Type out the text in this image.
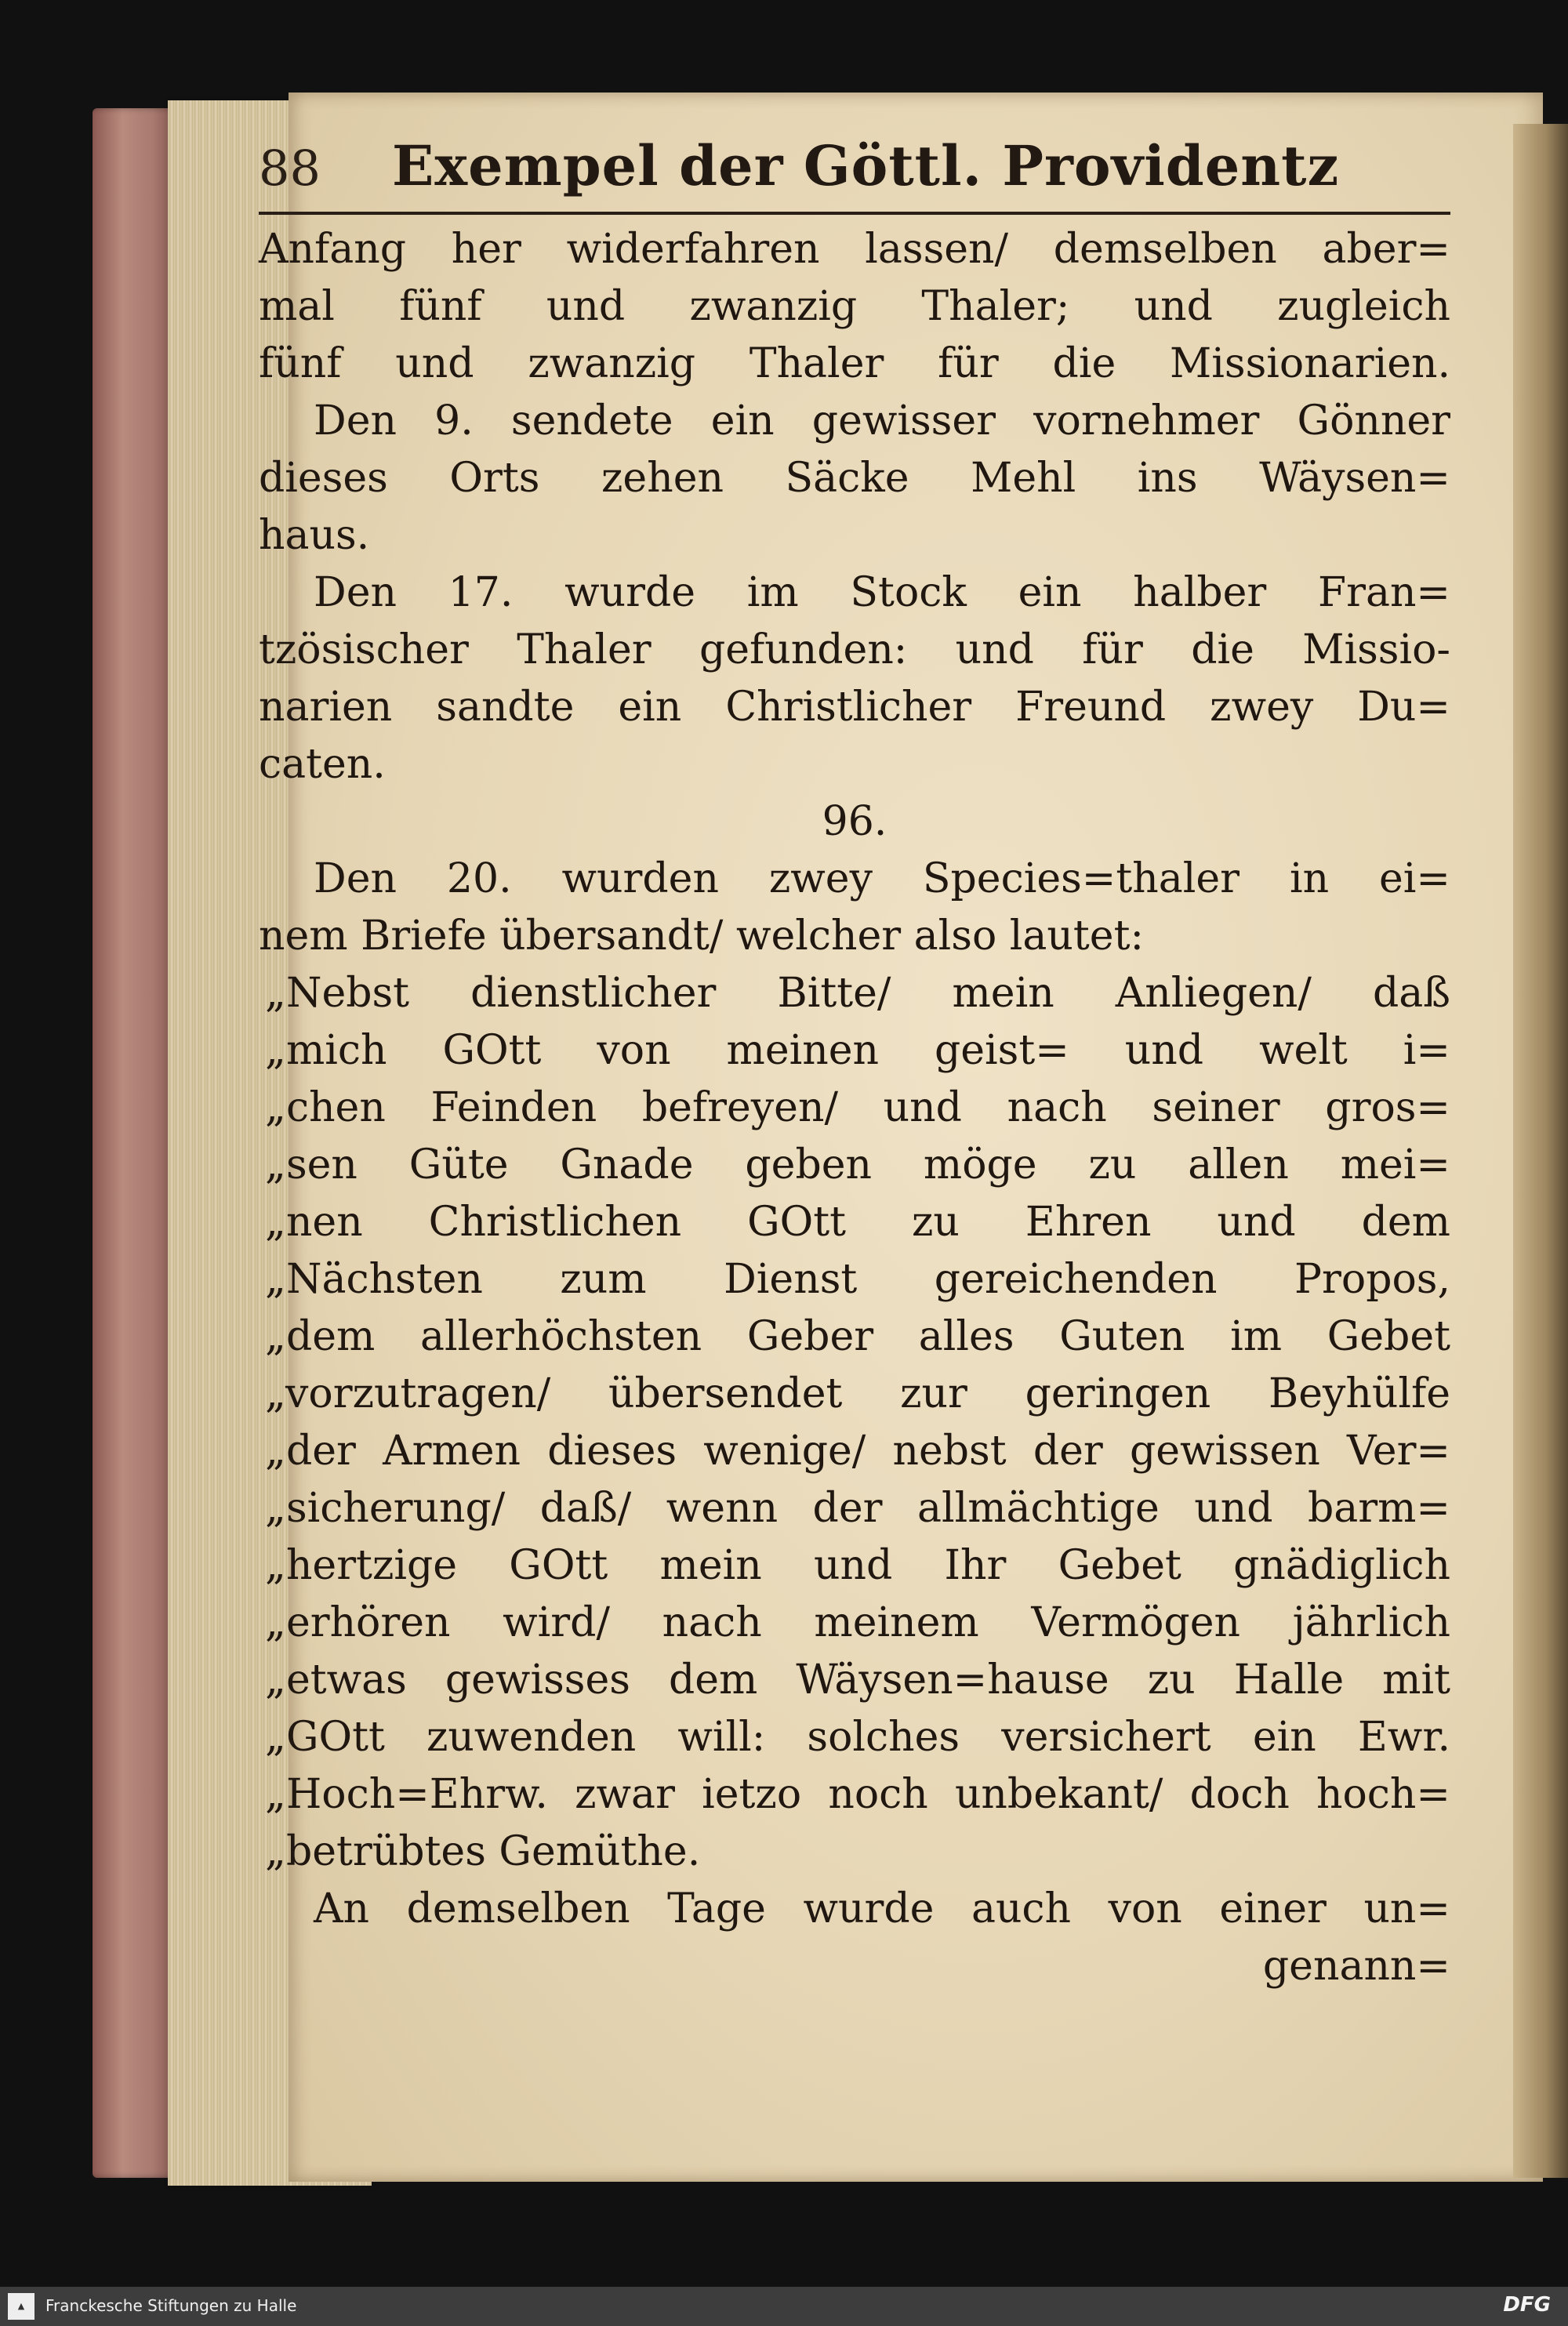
88 Exempel der Göttl. Providentz
Anfang her widerfahren lassen/ demselben aber=
mal fünf und zwanzig Thaler; und zugleich
fünf und zwanzig Thaler für die Missionarien.
Den 9. sendete ein gewisser vornehmer Gönner
dieses Orts zehen Säcke Mehl ins Wäysen=
haus.
Den 17. wurde im Stock ein halber Fran=
tzösischer Thaler gefunden: und für die Missio-
narien sandte ein Christlicher Freund zwey Du=
caten.
96.
Den 20. wurden zwey Species=thaler in ei=
nem Briefe übersandt/ welcher also lautet:
„Nebst dienstlicher Bitte/ mein Anliegen/ daß
„mich GOtt von meinen geist= und welt i=
„chen Feinden befreyen/ und nach seiner gros=
„sen Güte Gnade geben möge zu allen mei=
„nen Christlichen GOtt zu Ehren und dem
„Nächsten zum Dienst gereichenden Propos,
„dem allerhöchsten Geber alles Guten im Gebet
„vorzutragen/ übersendet zur geringen Beyhülfe
„der Armen dieses wenige/ nebst der gewissen Ver=
„sicherung/ daß/ wenn der allmächtige und barm=
„hertzige GOtt mein und Ihr Gebet gnädiglich
„erhören wird/ nach meinem Vermögen jährlich
„etwas gewisses dem Wäysen=hause zu Halle mit
„GOtt zuwenden will: solches versichert ein Ewr.
„Hoch=Ehrw. zwar ietzo noch unbekant/ doch hoch=
„betrübtes Gemüthe.
An demselben Tage wurde auch von einer un=
genann=
▲	Franckesche Stiftungen zu Halle	DFG
